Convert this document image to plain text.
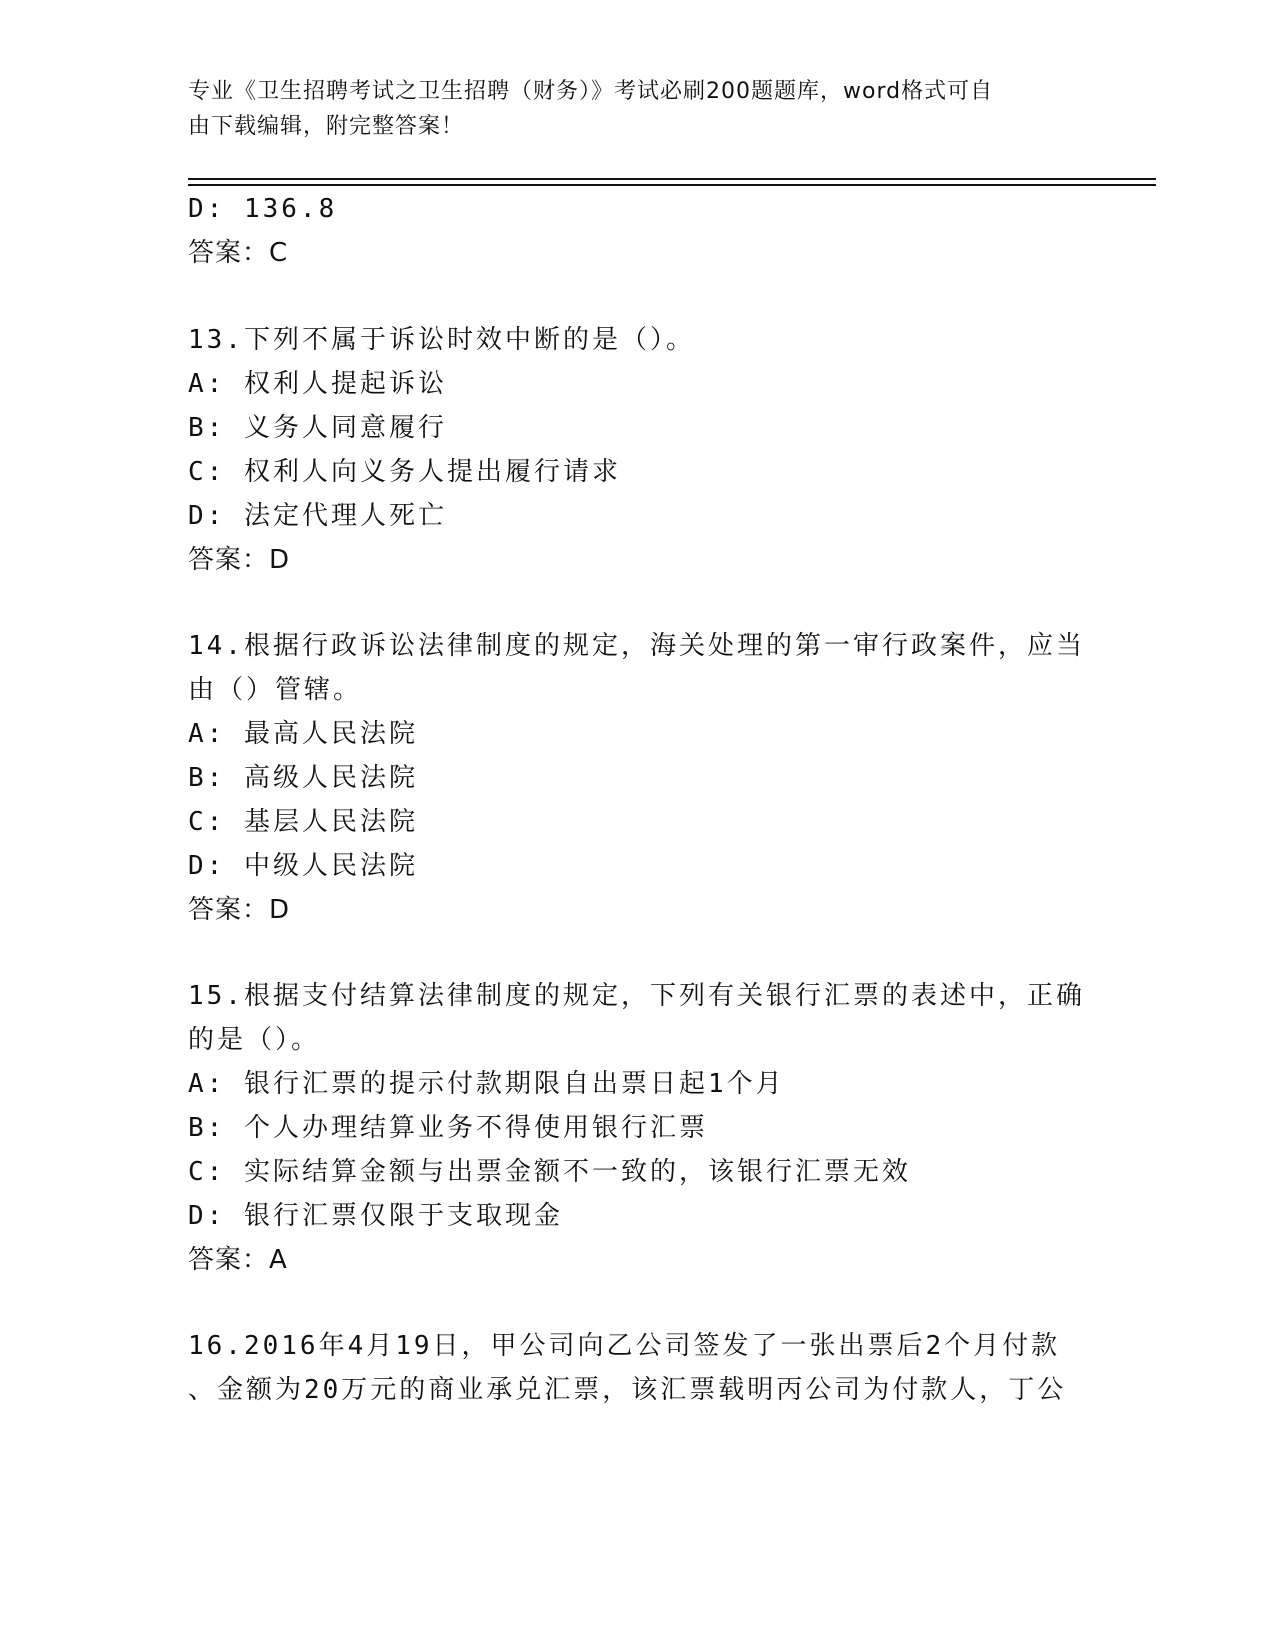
专业《卫生招聘考试之卫生招聘（财务）》考试必刷200题题库，word格式可自
由下载编辑，附完整答案！
D: 136.8
答案：C
13.下列不属于诉讼时效中断的是（）。
A: 权利人提起诉讼
B: 义务人同意履行
C: 权利人向义务人提出履行请求
D: 法定代理人死亡
答案：D
14.根据行政诉讼法律制度的规定，海关处理的第一审行政案件，应当
由（）管辖。
A: 最高人民法院
B: 高级人民法院
C: 基层人民法院
D: 中级人民法院
答案：D
15.根据支付结算法律制度的规定，下列有关银行汇票的表述中，正确
的是（）。
A: 银行汇票的提示付款期限自出票日起1个月
B: 个人办理结算业务不得使用银行汇票
C: 实际结算金额与出票金额不一致的，该银行汇票无效
D: 银行汇票仅限于支取现金
答案：A
16.2016年4月19日，甲公司向乙公司签发了一张出票后2个月付款
、金额为20万元的商业承兑汇票，该汇票载明丙公司为付款人，丁公
